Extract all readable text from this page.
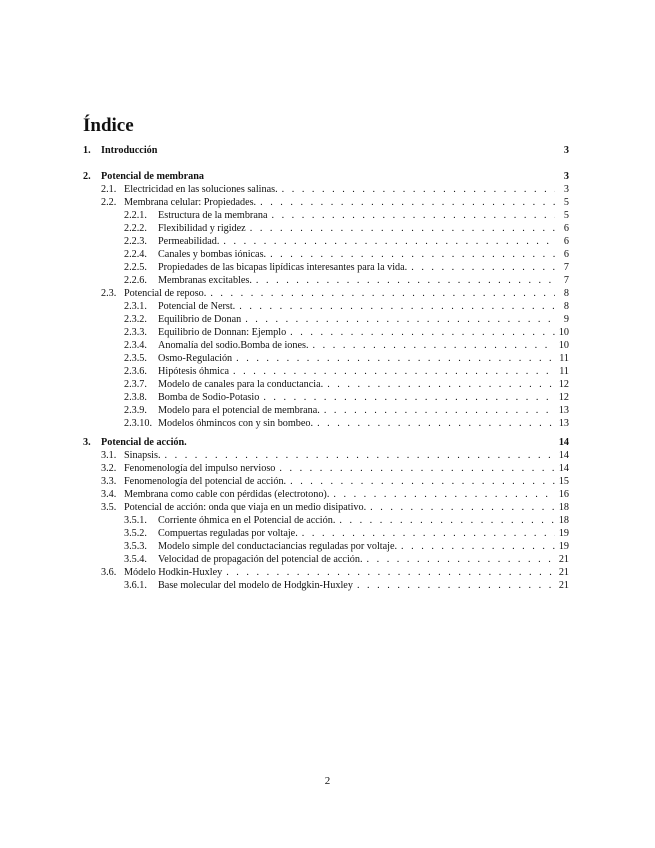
Índice
1. Introducción	3
2. Potencial de membrana	3
2.1. Electricidad en las soluciones salinas. . . .	3
2.2. Membrana celular: Propiedades. . . .	5
2.2.1. Estructura de la membrana . . .	5
2.2.2. Flexibilidad y rigidez . . .	6
2.2.3. Permeabilidad. . . .	6
2.2.4. Canales y bombas iónicas. . . .	6
2.2.5. Propiedades de las bicapas lipídicas interesantes para la vida. . . .	7
2.2.6. Membranas excitables. . . .	7
2.3. Potencial de reposo. . . .	8
2.3.1. Potencial de Nerst. . . .	8
2.3.2. Equilibrio de Donan . . .	9
2.3.3. Equilibrio de Donnan: Ejemplo . . .	10
2.3.4. Anomalía del sodio.Bomba de iones. . . .	10
2.3.5. Osmo-Regulación . . .	11
2.3.6. Hipótesis óhmica . . .	11
2.3.7. Modelo de canales para la conductancia. . . .	12
2.3.8. Bomba de Sodio-Potasio . . .	12
2.3.9. Modelo para el potencial de membrana. . . .	13
2.3.10. Modelos óhmincos con y sin bombeo. . . .	13
3. Potencial de acción.	14
3.1. Sinapsis. . . .	14
3.2. Fenomenología del impulso nervioso . . .	14
3.3. Fenomenología del potencial de acción. . . .	15
3.4. Membrana como cable con pérdidas (electrotono). . . .	16
3.5. Potencial de acción: onda que viaja en un medio disipativo. . . .	18
3.5.1. Corriente óhmica en el Potencial de acción. . . .	18
3.5.2. Compuertas reguladas por voltaje. . . .	19
3.5.3. Modelo simple del conductaciancias reguladas por voltaje. . . .	19
3.5.4. Velocidad de propagación del potencial de acción. . . .	21
3.6. Módelo Hodkin-Huxley . . .	21
3.6.1. Base molecular del modelo de Hodgkin-Huxley . . .	21
2
